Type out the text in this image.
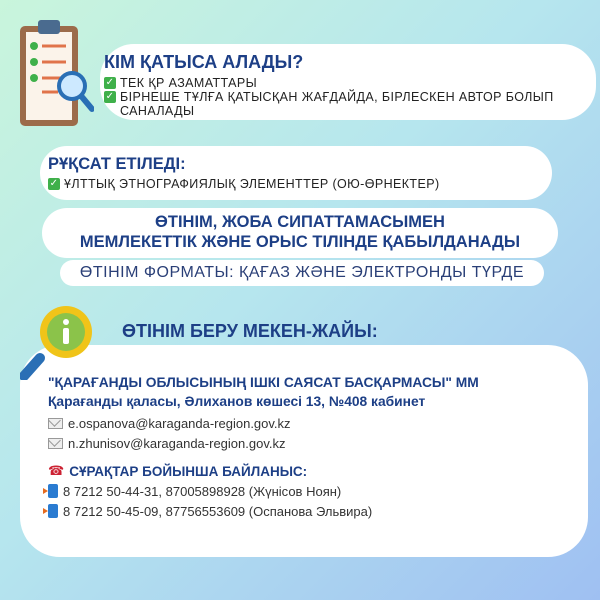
КІМ ҚАТЫСА АЛАДЫ?
✓ ТЕК ҚР АЗАМАТТАРЫ
✓ БІРНЕШЕ ТҰЛҒА ҚАТЫСҚАН ЖАҒДАЙДА, БІРЛЕСКЕН АВТОР БОЛЫП САНАЛАДЫ
РҰҚСАТ ЕТІЛЕДІ:
✓ ҰЛТТЫҚ ЭТНОГРАФИЯЛЫҚ ЭЛЕМЕНТТЕР (ОЮ-ӨРНЕКТЕР)
ӨТІНІМ, ЖОБА СИПАТТАМАСЫМЕН
МЕМЛЕКЕТТІК ЖӘНЕ ОРЫС ТІЛІНДЕ ҚАБЫЛДАНАДЫ
ӨТІНІМ ФОРМАТЫ: ҚАҒАЗ ЖӘНЕ ЭЛЕКТРОНДЫ ТҮРДЕ
ӨТІНІМ БЕРУ МЕКЕН-ЖАЙЫ:
"ҚАРАҒАНДЫ ОБЛЫСЫНЫҢ ІШКІ САЯСАТ БАСҚАРМАСЫ" ММ
Қарағанды қаласы, Әлиханов көшесі 13, №408 кабинет
e.ospanova@karaganda-region.gov.kz
n.zhunisov@karaganda-region.gov.kz
☎ СҰРАҚТАР БОЙЫНША БАЙЛАНЫС:
8 7212 50-44-31, 87005898928 (Жүнісов Ноян)
8 7212 50-45-09, 87756553609 (Оспанова Эльвира)
